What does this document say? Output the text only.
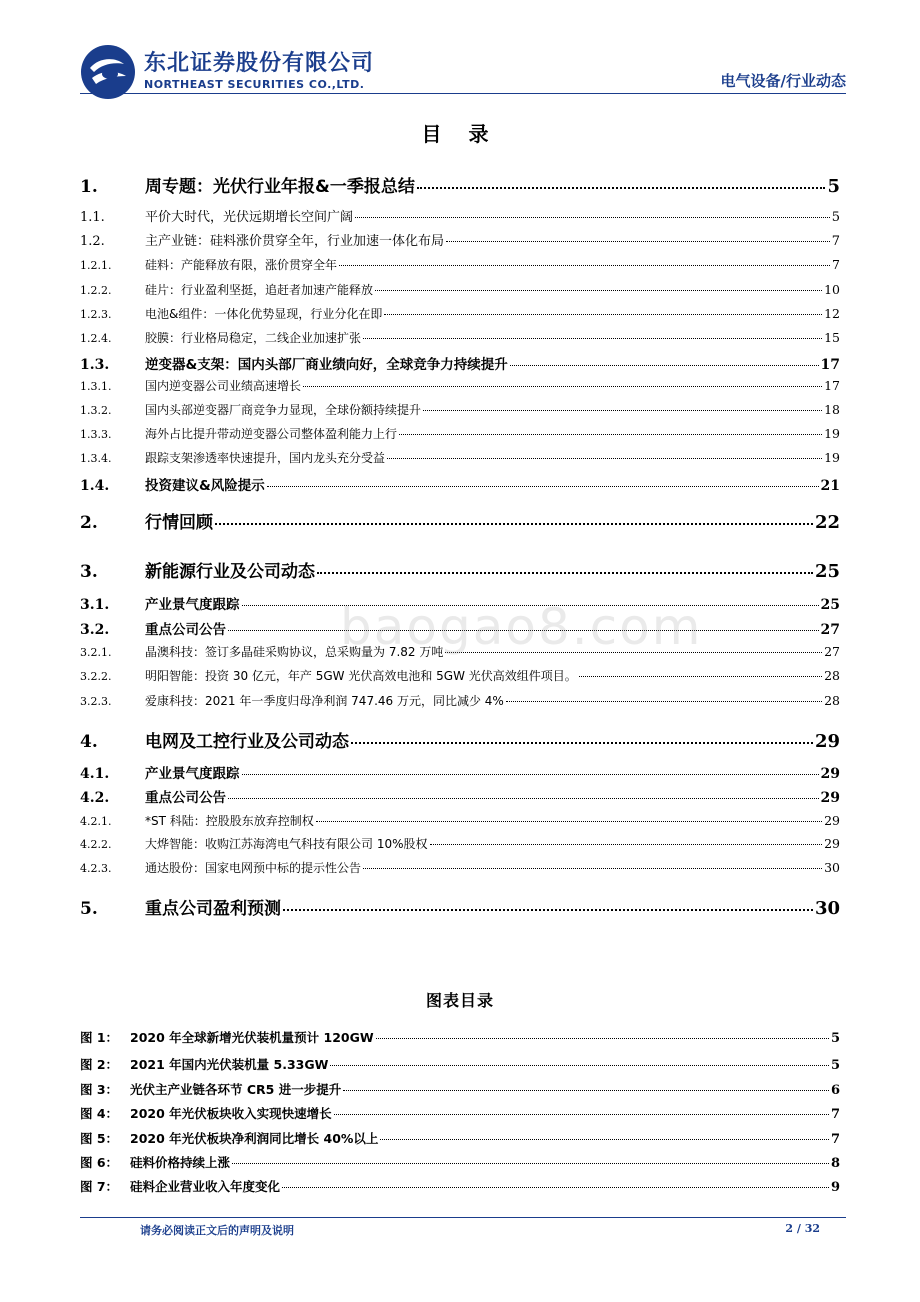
东北证券股份有限公司
NORTHEAST SECURITIES CO.,LTD.	电气设备/行业动态
目 录
1.	周专题：光伏行业年报&一季报总结	5
1.1.	平价大时代，光伏远期增长空间广阔	5
1.2.	主产业链：硅料涨价贯穿全年，行业加速一体化布局	7
1.2.1.	硅料：产能释放有限，涨价贯穿全年	7
1.2.2.	硅片：行业盈利坚挺，追赶者加速产能释放	10
1.2.3.	电池&组件：一体化优势显现，行业分化在即	12
1.2.4.	胶膜：行业格局稳定，二线企业加速扩张	15
1.3.	逆变器&支架：国内头部厂商业绩向好，全球竞争力持续提升	17
1.3.1.	国内逆变器公司业绩高速增长	17
1.3.2.	国内头部逆变器厂商竞争力显现，全球份额持续提升	18
1.3.3.	海外占比提升带动逆变器公司整体盈利能力上行	19
1.3.4.	跟踪支架渗透率快速提升，国内龙头充分受益	19
1.4.	投资建议&风险提示	21
2.	行情回顾	22
3.	新能源行业及公司动态	25
3.1.	产业景气度跟踪	25
3.2.	重点公司公告	27
3.2.1.	晶澳科技：签订多晶硅采购协议，总采购量为 7.82 万吨	27
3.2.2.	明阳智能：投资 30 亿元，年产 5GW 光伏高效电池和 5GW 光伏高效组件项目。	28
3.2.3.	爱康科技：2021 年一季度归母净利润 747.46 万元，同比减少 4%	28
4.	电网及工控行业及公司动态	29
4.1.	产业景气度跟踪	29
4.2.	重点公司公告	29
4.2.1.	*ST 科陆：控股股东放弃控制权	29
4.2.2.	大烨智能：收购江苏海湾电气科技有限公司 10%股权	29
4.2.3.	通达股份：国家电网预中标的提示性公告	30
5.	重点公司盈利预测	30
图表目录
图 1： 2020 年全球新增光伏装机量预计 120GW	5
图 2： 2021 年国内光伏装机量 5.33GW	5
图 3： 光伏主产业链各环节 CR5 进一步提升	6
图 4： 2020 年光伏板块收入实现快速增长	7
图 5： 2020 年光伏板块净利润同比增长 40%以上	7
图 6： 硅料价格持续上涨	8
图 7： 硅料企业营业收入年度变化	9
baogao8.com
请务必阅读正文后的声明及说明	2 / 32
